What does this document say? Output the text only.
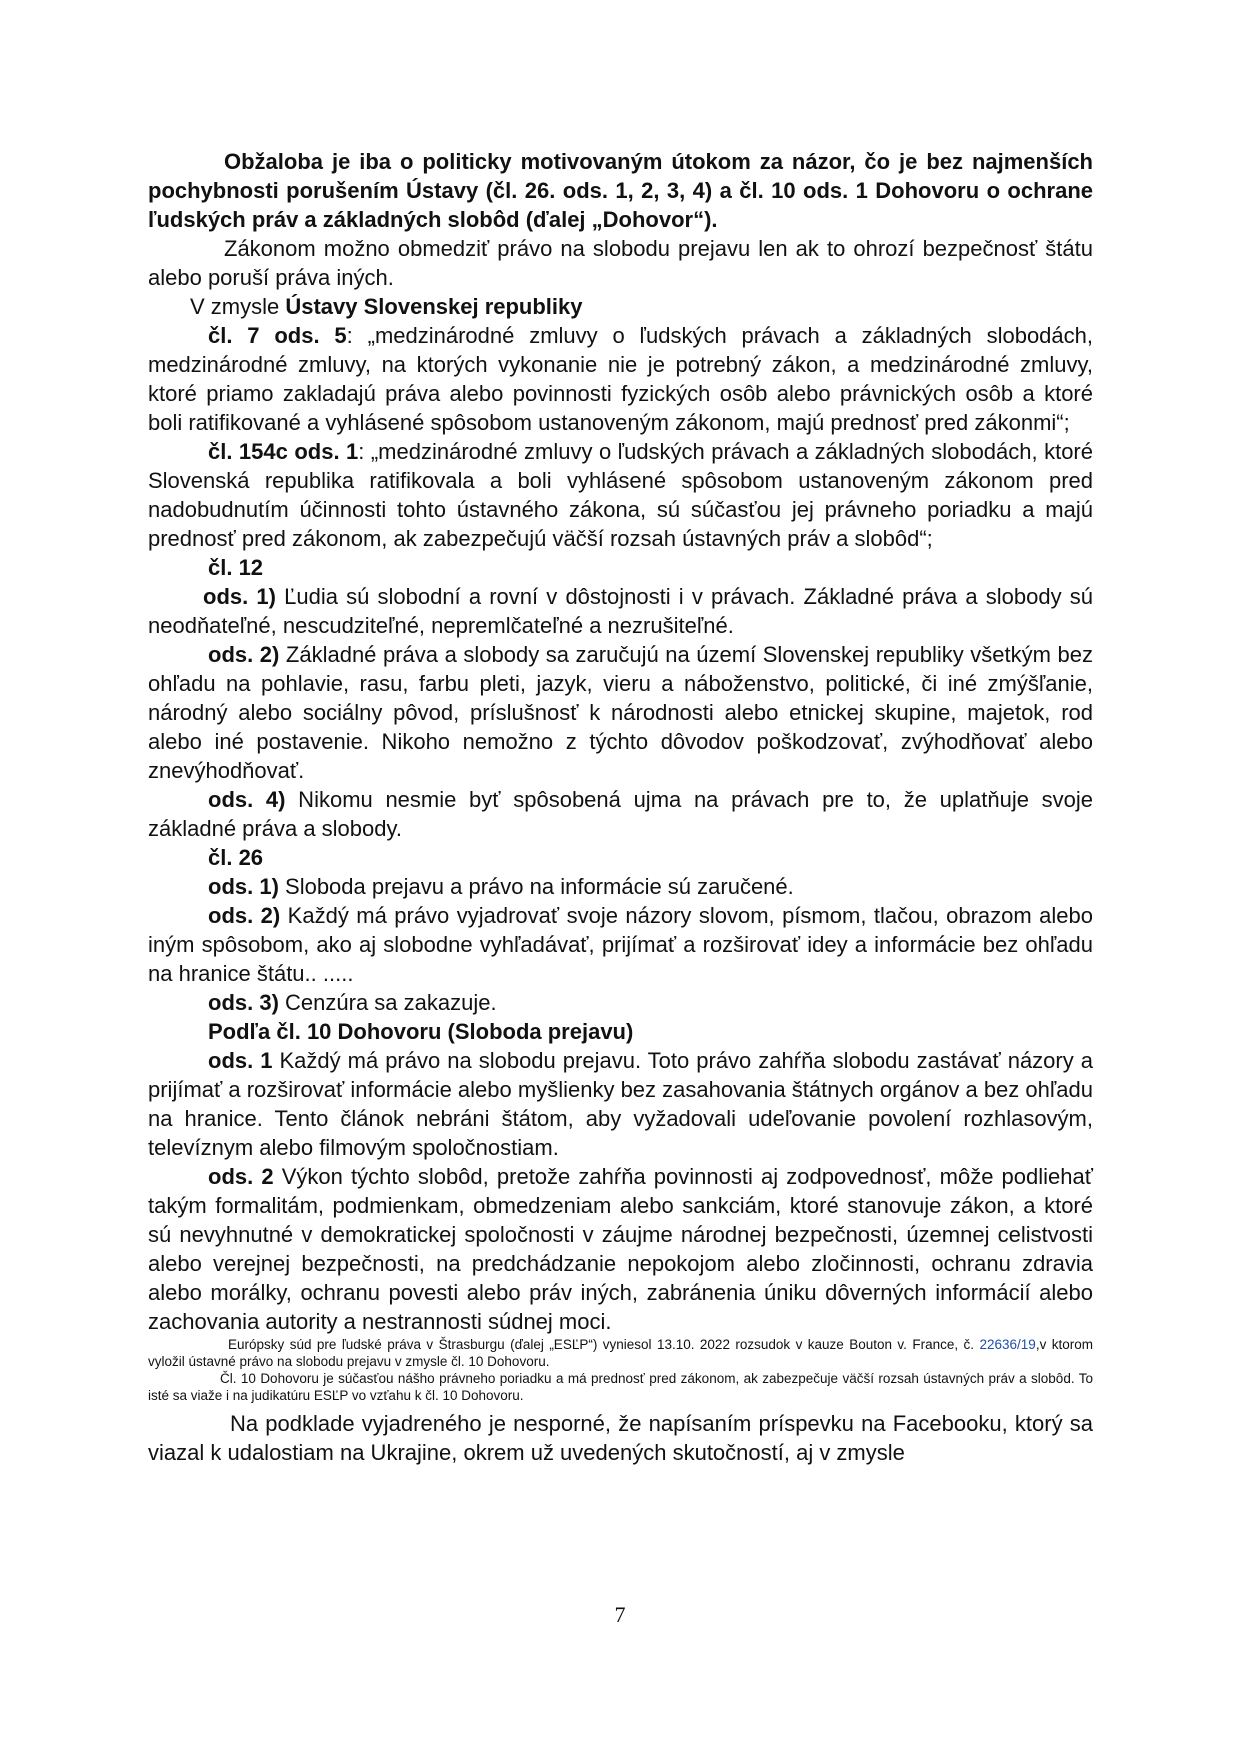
Obžaloba je iba o politicky motivovaným útokom za názor, čo je bez najmenších pochybnosti porušením Ústavy (čl. 26. ods. 1, 2, 3, 4) a čl. 10 ods. 1 Dohovoru o ochrane ľudských práv a základných slobôd (ďalej „Dohovor“).

Zákonom možno obmedziť právo na slobodu prejavu len ak to ohrozí bezpečnosť štátu alebo poruší práva iných.

V zmysle Ústavy Slovenskej republiky

čl. 7 ods. 5: „medzinárodné zmluvy o ľudských právach a základných slobodách, medzinárodné zmluvy, na ktorých vykonanie nie je potrebný zákon, a medzinárodné zmluvy, ktoré priamo zakladajú práva alebo povinnosti fyzických osôb alebo právnických osôb a ktoré boli ratifikované a vyhlásené spôsobom ustanoveným zákonom, majú prednosť pred zákonmi“;

čl. 154c ods. 1: „medzinárodné zmluvy o ľudských právach a základných slobodách, ktoré Slovenská republika ratifikovala a boli vyhlásené spôsobom ustanoveným zákonom pred nadobudnutím účinnosti tohto ústavného zákona, sú súčasťou jej právneho poriadku a majú prednosť pred zákonom, ak zabezpečujú väčší rozsah ústavných práv a slobôd“;

čl. 12

ods. 1) Ľudia sú slobodní a rovní v dôstojnosti i v právach. Základné práva a slobody sú neodňateľné, nescudziteľné, nepremlčateľné a nezrušiteľné.

ods. 2) Základné práva a slobody sa zaručujú na území Slovenskej republiky všetkým bez ohľadu na pohlavie, rasu, farbu pleti, jazyk, vieru a náboženstvo, politické, či iné zmýšľanie, národný alebo sociálny pôvod, príslušnosť k národnosti alebo etnickej skupine, majetok, rod alebo iné postavenie. Nikoho nemožno z týchto dôvodov poškodzovať, zvýhodňovať alebo znevýhodňovať.

ods. 4) Nikomu nesmie byť spôsobená ujma na právach pre to, že uplatňuje svoje základné práva a slobody.

čl. 26

ods. 1) Sloboda prejavu a právo na informácie sú zaručené.

ods. 2) Každý má právo vyjadrovať svoje názory slovom, písmom, tlačou, obrazom alebo iným spôsobom, ako aj slobodne vyhľadávať, prijímať a rozširovať idey a informácie bez ohľadu na hranice štátu.. .....

ods. 3) Cenzúra sa zakazuje.

Podľa čl. 10 Dohovoru (Sloboda prejavu)

ods. 1 Každý má právo na slobodu prejavu. Toto právo zahŕňa slobodu zastávať názory a prijímať a rozširovať informácie alebo myšlienky bez zasahovania štátnych orgánov a bez ohľadu na hranice. Tento článok nebráni štátom, aby vyžadovali udeľovanie povolení rozhlasovým, televíznym alebo filmovým spoločnostiam.

ods. 2 Výkon týchto slobôd, pretože zahŕňa povinnosti aj zodpovednosť, môže podliehať takým formalitám, podmienkam, obmedzeniam alebo sankciám, ktoré stanovuje zákon, a ktoré sú nevyhnutné v demokratickej spoločnosti v záujme národnej bezpečnosti, územnej celistvosti alebo verejnej bezpečnosti, na predchádzanie nepokojom alebo zločinnosti, ochranu zdravia alebo morálky, ochranu povesti alebo práv iných, zabránenia úniku dôverných informácií alebo zachovania autority a nestrannosti súdnej moci.

Európsky súd pre ľudské práva v Štrasburgu (ďalej „ESĽP“) vyniesol 13.10. 2022 rozsudok v kauze Bouton v. France, č. 22636/19,v ktorom vyložil ústavné právo na slobodu prejavu v zmysle čl. 10 Dohovoru.

Čl. 10 Dohovoru je súčasťou nášho právneho poriadku a má prednosť pred zákonom, ak zabezpečuje väčší rozsah ústavných práv a slobôd. To isté sa viaže i na judikatúru ESĽP vo vzťahu k čl. 10 Dohovoru.

Na podklade vyjadreného je nesporné, že napísaním príspevku na Facebooku, ktorý sa viazal k udalostiam na Ukrajine, okrem už uvedených skutočností, aj v zmysle

7
